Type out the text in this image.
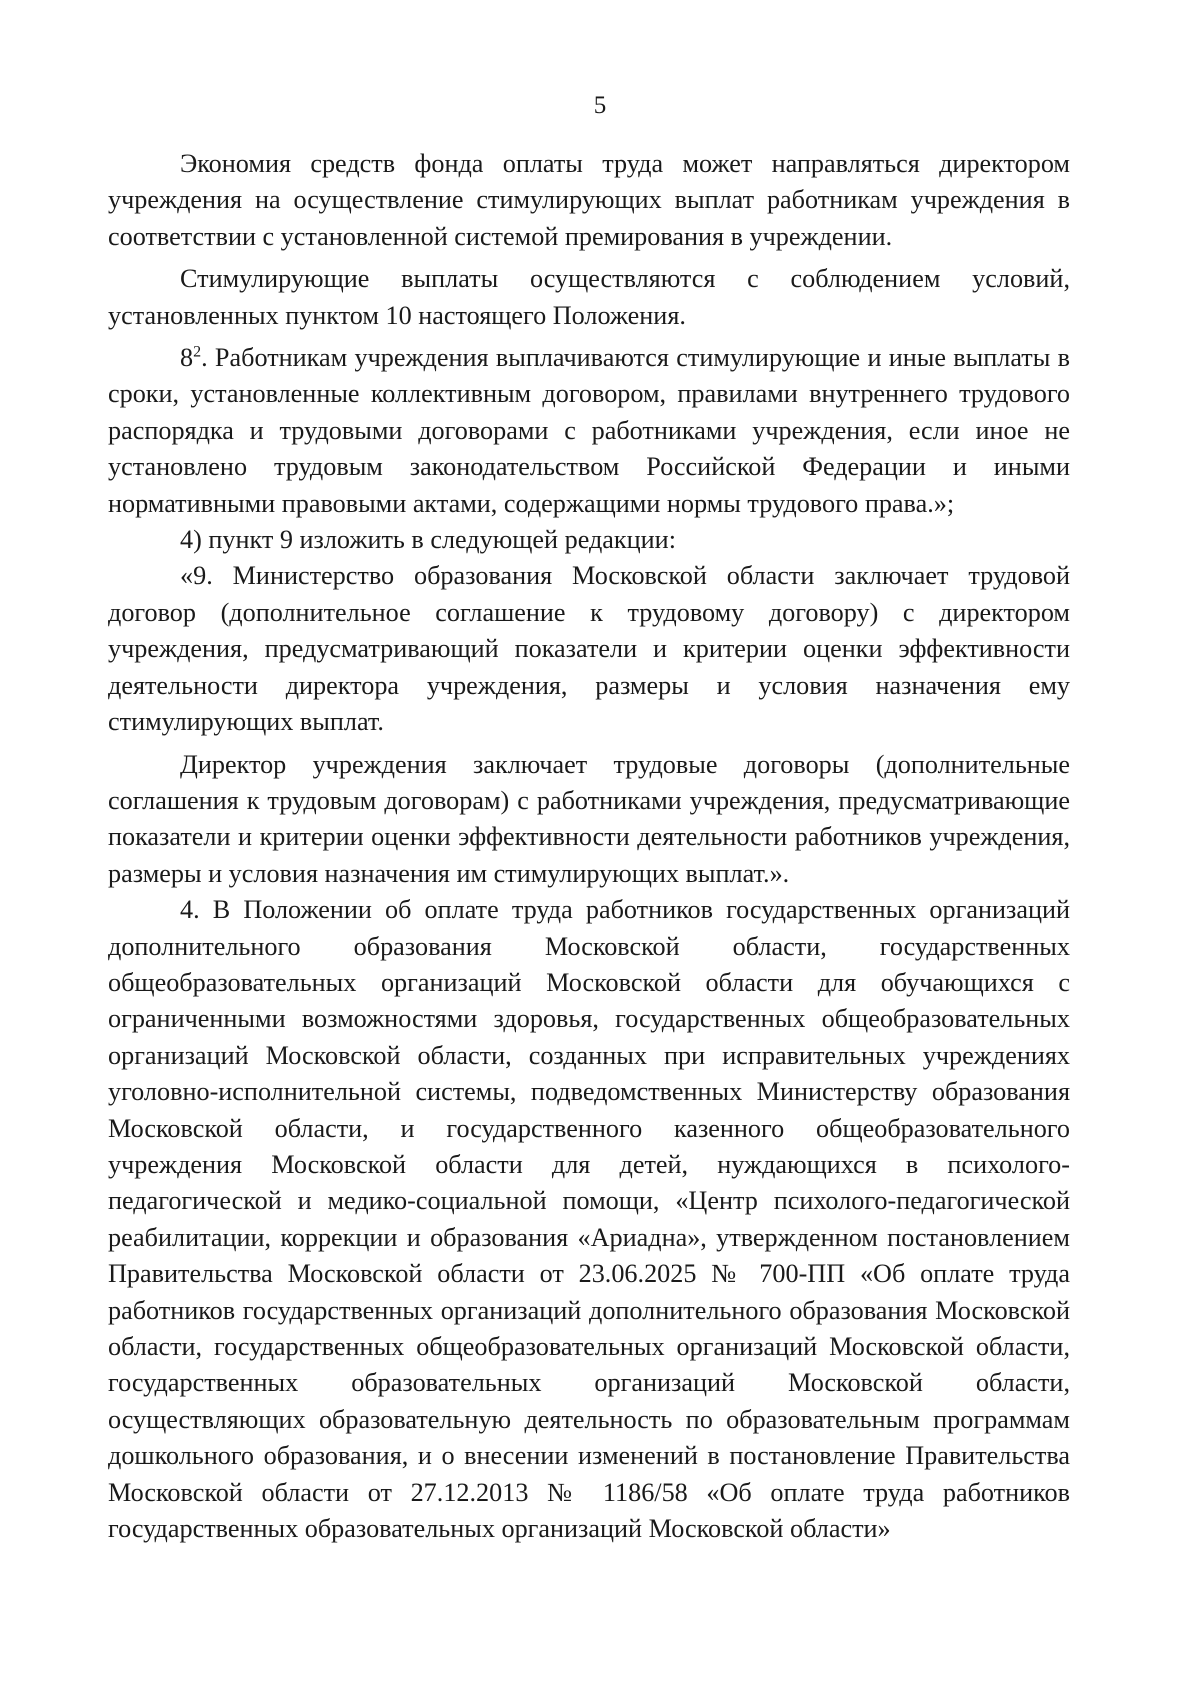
5

Экономия средств фонда оплаты труда может направляться директором учреждения на осуществление стимулирующих выплат работникам учреждения в соответствии с установленной системой премирования в учреждении.

Стимулирующие выплаты осуществляются с соблюдением условий, установленных пунктом 10 настоящего Положения.

$8^2$. Работникам учреждения выплачиваются стимулирующие и иные выплаты в сроки, установленные коллективным договором, правилами внутреннего трудового распорядка и трудовыми договорами с работниками учреждения, если иное не установлено трудовым законодательством Российской Федерации и иными нормативными правовыми актами, содержащими нормы трудового права.»;

4) пункт 9 изложить в следующей редакции:

«9. Министерство образования Московской области заключает трудовой договор (дополнительное соглашение к трудовому договору) с директором учреждения, предусматривающий показатели и критерии оценки эффективности деятельности директора учреждения, размеры и условия назначения ему стимулирующих выплат.

Директор учреждения заключает трудовые договоры (дополнительные соглашения к трудовым договорам) с работниками учреждения, предусматривающие показатели и критерии оценки эффективности деятельности работников учреждения, размеры и условия назначения им стимулирующих выплат.».

4. В Положении об оплате труда работников государственных организаций дополнительного образования Московской области, государственных общеобразовательных организаций Московской области для обучающихся с ограниченными возможностями здоровья, государственных общеобразовательных организаций Московской области, созданных при исправительных учреждениях уголовно-исполнительной системы, подведомственных Министерству образования Московской области, и государственного казенного общеобразовательного учреждения Московской области для детей, нуждающихся в психолого-педагогической и медико-социальной помощи, «Центр психолого-педагогической реабилитации, коррекции и образования «Ариадна», утвержденном постановлением Правительства Московской области от 23.06.2025 № 700-ПП «Об оплате труда работников государственных организаций дополнительного образования Московской области, государственных общеобразовательных организаций Московской области, государственных образовательных организаций Московской области, осуществляющих образовательную деятельность по образовательным программам дошкольного образования, и о внесении изменений в постановление Правительства Московской области от 27.12.2013 № 1186/58 «Об оплате труда работников государственных образовательных организаций Московской области»
